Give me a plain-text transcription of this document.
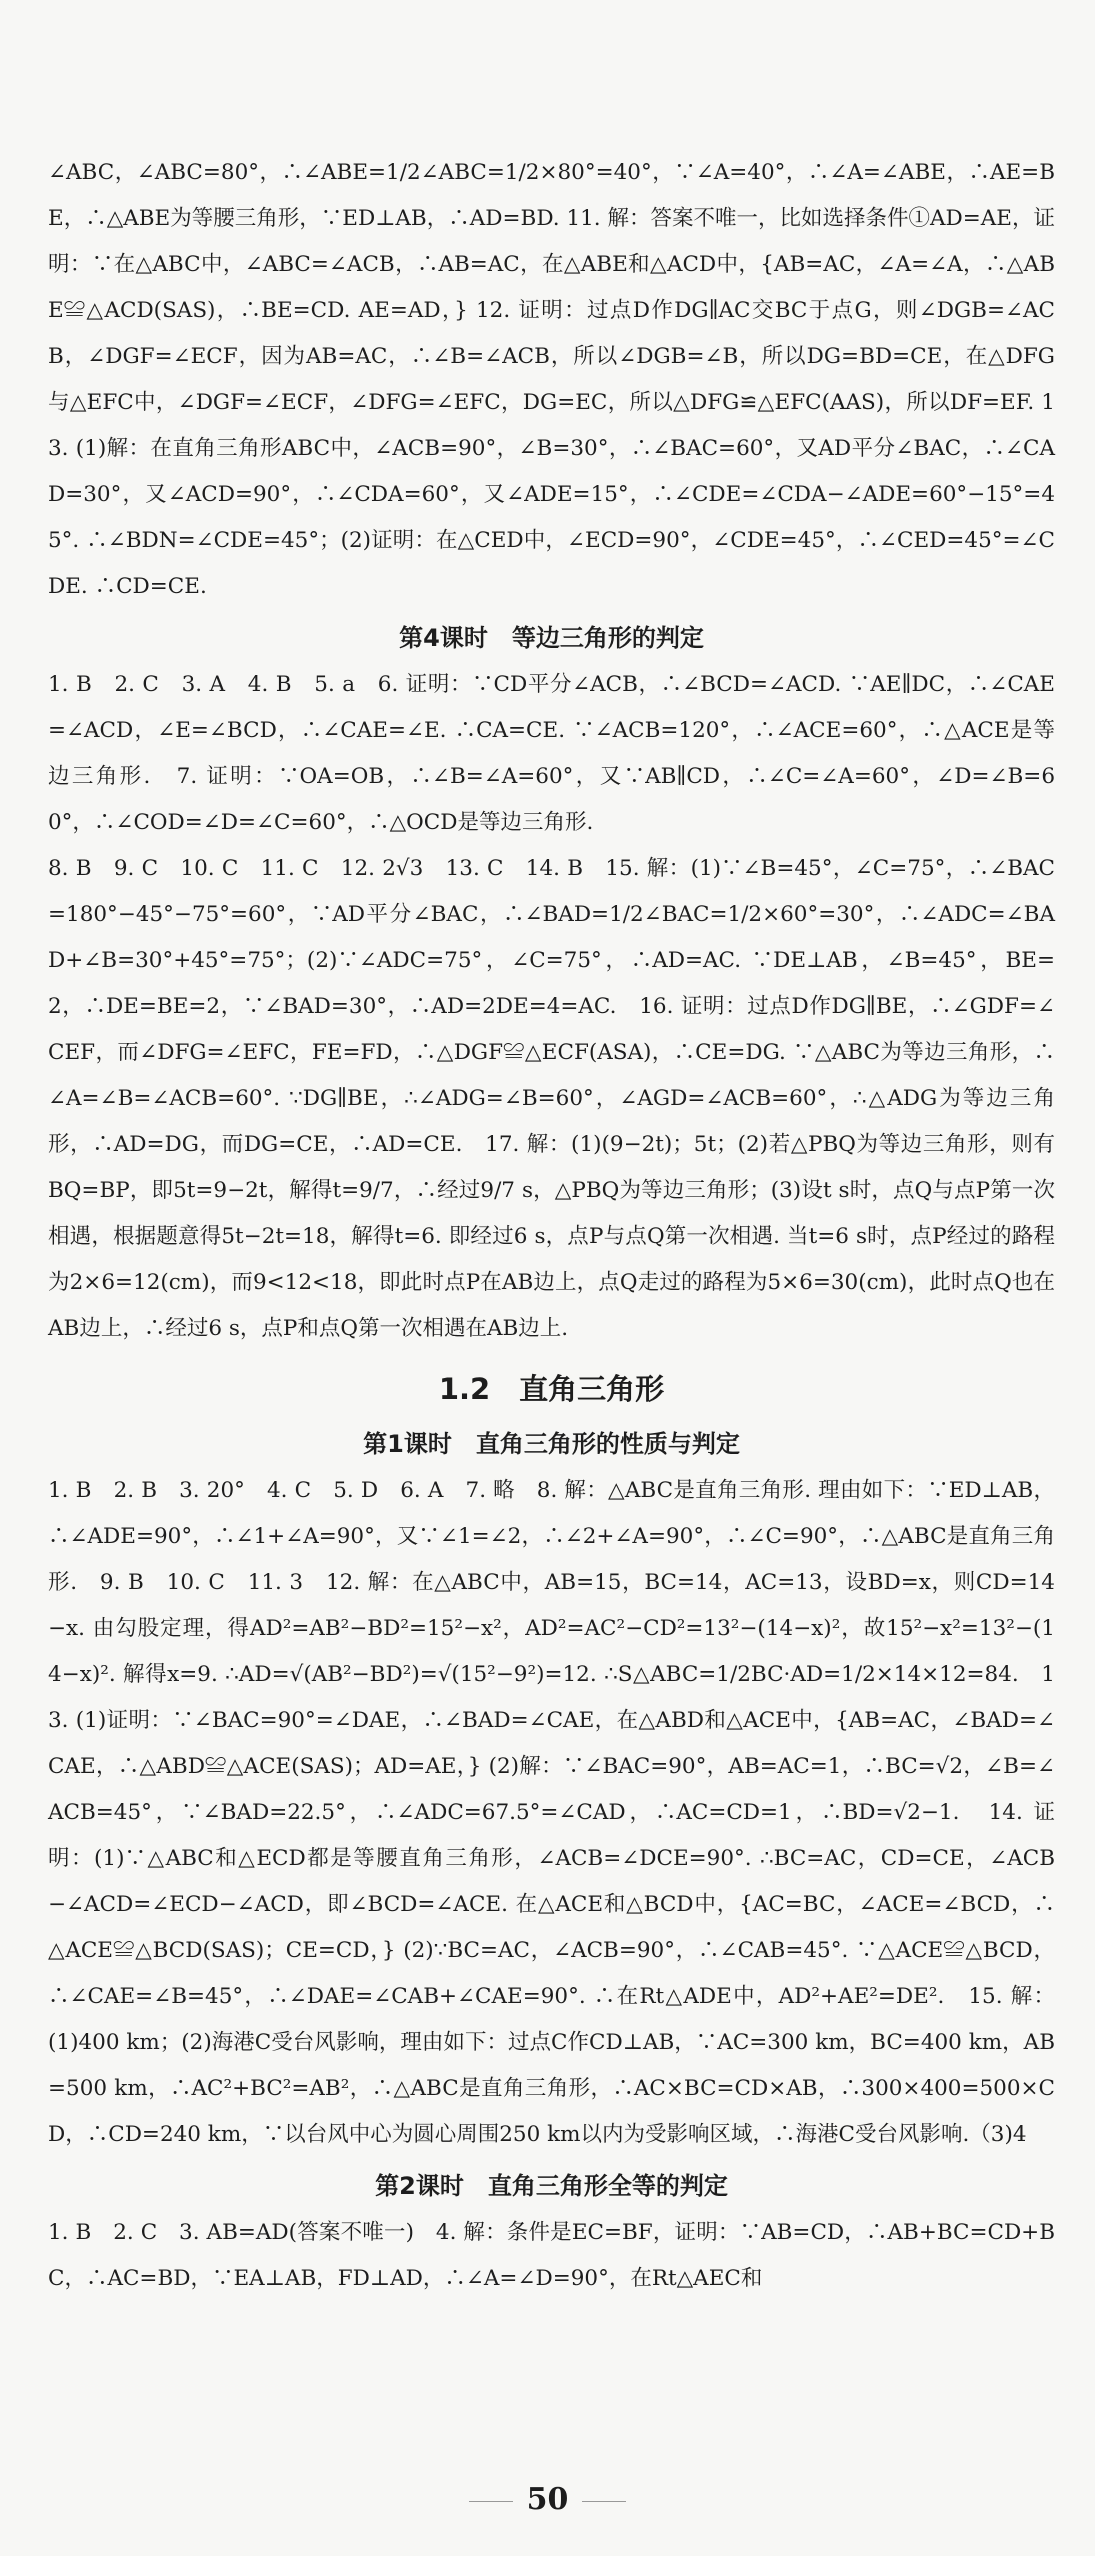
∠ABC，∠ABC=80°，∴∠ABE=1/2∠ABC=1/2×80°=40°，∵∠A=40°，∴∠A=∠ABE，∴AE=BE，∴△ABE为等腰三角形，∵ED⊥AB，∴AD=BD. 11. 解：答案不唯一，比如选择条件①AD=AE，证明：∵在△ABC中，∠ABC=∠ACB，∴AB=AC，在△ABE和△ACD中，{AB=AC，∠A=∠A，∴△ABE≌△ACD(SAS)，∴BE=CD. AE=AD，} 12. 证明：过点D作DG∥AC交BC于点G，则∠DGB=∠ACB，∠DGF=∠ECF，因为AB=AC，∴∠B=∠ACB，所以∠DGB=∠B，所以DG=BD=CE，在△DFG与△EFC中，∠DGF=∠ECF，∠DFG=∠EFC，DG=EC，所以△DFG≌△EFC(AAS)，所以DF=EF. 13. (1)解：在直角三角形ABC中，∠ACB=90°，∠B=30°，∴∠BAC=60°，又AD平分∠BAC，∴∠CAD=30°，又∠ACD=90°，∴∠CDA=60°，又∠ADE=15°，∴∠CDE=∠CDA−∠ADE=60°−15°=45°. ∴∠BDN=∠CDE=45°；(2)证明：在△CED中，∠ECD=90°，∠CDE=45°，∴∠CED=45°=∠CDE. ∴CD=CE.

第4课时　等边三角形的判定

1. B　2. C　3. A　4. B　5. a　6. 证明：∵CD平分∠ACB，∴∠BCD=∠ACD. ∵AE∥DC，∴∠CAE=∠ACD，∠E=∠BCD，∴∠CAE=∠E. ∴CA=CE. ∵∠ACB=120°，∴∠ACE=60°，∴△ACE是等边三角形.　7. 证明：∵OA=OB，∴∠B=∠A=60°，又∵AB∥CD，∴∠C=∠A=60°，∠D=∠B=60°，∴∠COD=∠D=∠C=60°，∴△OCD是等边三角形.

8. B　9. C　10. C　11. C　12. 2√3　13. C　14. B　15. 解：(1)∵∠B=45°，∠C=75°，∴∠BAC=180°−45°−75°=60°，∵AD平分∠BAC，∴∠BAD=1/2∠BAC=1/2×60°=30°，∴∠ADC=∠BAD+∠B=30°+45°=75°；(2)∵∠ADC=75°，∠C=75°，∴AD=AC. ∵DE⊥AB，∠B=45°，BE=2，∴DE=BE=2，∵∠BAD=30°，∴AD=2DE=4=AC.　16. 证明：过点D作DG∥BE，∴∠GDF=∠CEF，而∠DFG=∠EFC，FE=FD，∴△DGF≌△ECF(ASA)，∴CE=DG. ∵△ABC为等边三角形，∴∠A=∠B=∠ACB=60°. ∵DG∥BE，∴∠ADG=∠B=60°，∠AGD=∠ACB=60°，∴△ADG为等边三角形，∴AD=DG，而DG=CE，∴AD=CE.　17. 解：(1)(9−2t)；5t；(2)若△PBQ为等边三角形，则有BQ=BP，即5t=9−2t，解得t=9/7，∴经过9/7 s，△PBQ为等边三角形；(3)设t s时，点Q与点P第一次相遇，根据题意得5t−2t=18，解得t=6. 即经过6 s，点P与点Q第一次相遇. 当t=6 s时，点P经过的路程为2×6=12(cm)，而9<12<18，即此时点P在AB边上，点Q走过的路程为5×6=30(cm)，此时点Q也在AB边上，∴经过6 s，点P和点Q第一次相遇在AB边上.

1.2　直角三角形
第1课时　直角三角形的性质与判定

1. B　2. B　3. 20°　4. C　5. D　6. A　7. 略　8. 解：△ABC是直角三角形. 理由如下：∵ED⊥AB，∴∠ADE=90°，∴∠1+∠A=90°，又∵∠1=∠2，∴∠2+∠A=90°，∴∠C=90°，∴△ABC是直角三角形.　9. B　10. C　11. 3　12. 解：在△ABC中，AB=15，BC=14，AC=13，设BD=x，则CD=14−x. 由勾股定理，得AD²=AB²−BD²=15²−x²，AD²=AC²−CD²=13²−(14−x)²，故15²−x²=13²−(14−x)². 解得x=9. ∴AD=√(AB²−BD²)=√(15²−9²)=12. ∴S△ABC=1/2BC·AD=1/2×14×12=84.　13. (1)证明：∵∠BAC=90°=∠DAE，∴∠BAD=∠CAE，在△ABD和△ACE中，{AB=AC，∠BAD=∠CAE，∴△ABD≌△ACE(SAS)；AD=AE，} (2)解：∵∠BAC=90°，AB=AC=1，∴BC=√2，∠B=∠ACB=45°，∵∠BAD=22.5°，∴∠ADC=67.5°=∠CAD，∴AC=CD=1，∴BD=√2−1.　14. 证明：(1)∵△ABC和△ECD都是等腰直角三角形，∠ACB=∠DCE=90°. ∴BC=AC，CD=CE，∠ACB−∠ACD=∠ECD−∠ACD，即∠BCD=∠ACE. 在△ACE和△BCD中，{AC=BC，∠ACE=∠BCD，∴△ACE≌△BCD(SAS)；CE=CD，} (2)∵BC=AC，∠ACB=90°，∴∠CAB=45°. ∵△ACE≌△BCD，∴∠CAE=∠B=45°，∴∠DAE=∠CAB+∠CAE=90°. ∴在Rt△ADE中，AD²+AE²=DE².　15. 解：(1)400 km；(2)海港C受台风影响，理由如下：过点C作CD⊥AB，∵AC=300 km，BC=400 km，AB=500 km，∴AC²+BC²=AB²，∴△ABC是直角三角形，∴AC×BC=CD×AB，∴300×400=500×CD，∴CD=240 km，∵以台风中心为圆心周围250 km以内为受影响区域，∴海港C受台风影响.（3)4

第2课时　直角三角形全等的判定

1. B　2. C　3. AB=AD(答案不唯一)　4. 解：条件是EC=BF，证明：∵AB=CD，∴AB+BC=CD+BC，∴AC=BD，∵EA⊥AB，FD⊥AD，∴∠A=∠D=90°，在Rt△AEC和

50
